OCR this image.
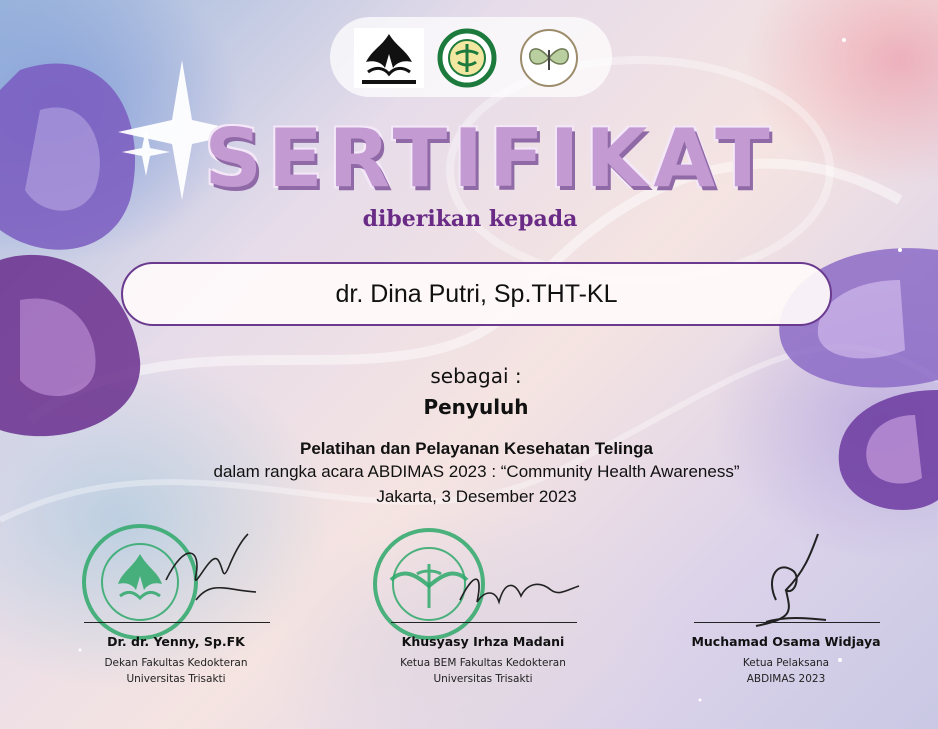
SERTIFIKAT
diberikan kepada
dr. Dina Putri, Sp.THT-KL
sebagai :
Penyuluh
Pelatihan dan Pelayanan Kesehatan Telinga
dalam rangka acara ABDIMAS 2023 : “Community Health Awareness”
Jakarta, 3 Desember 2023
Dr. dr. Yenny, Sp.FK
Dekan Fakultas Kedokteran
Universitas Trisakti
Khusyasy Irhza Madani
Ketua BEM Fakultas Kedokteran
Universitas Trisakti
Muchamad Osama Widjaya
Ketua Pelaksana
ABDIMAS 2023
